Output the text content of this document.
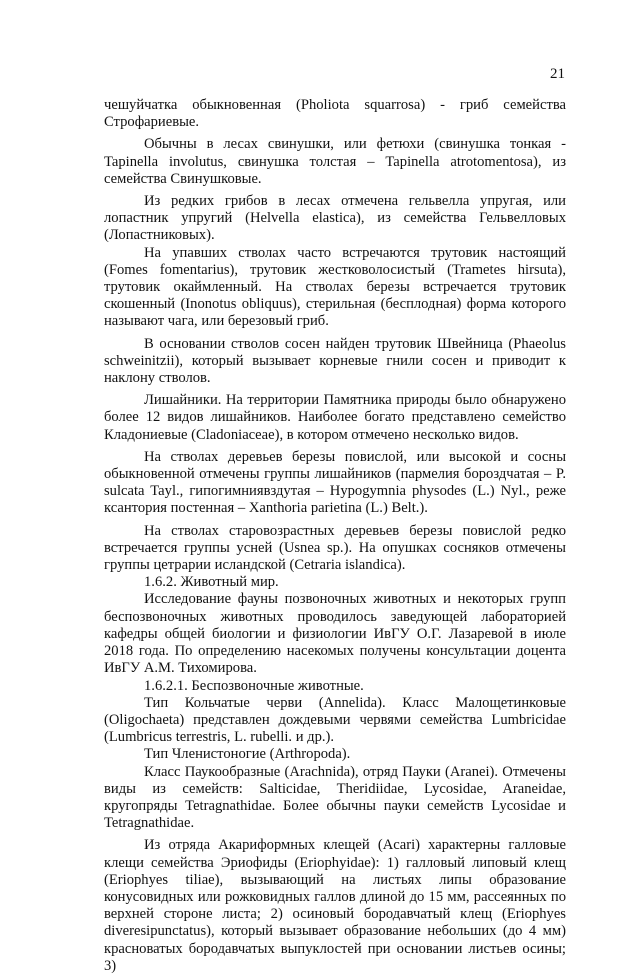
21

чешуйчатка обыкновенная (Pholiota squarrosa) - гриб семейства Строфариевые.

Обычны в лесах свинушки, или фетюхи (свинушка тонкая - Tapinella involutus, свинушка толстая – Tapinella atrotomentosa), из семейства Свинушковые.

Из редких грибов в лесах отмечена гельвелла упругая, или лопастник упругий (Helvella elastica), из семейства Гельвелловых (Лопастниковых).

На упавших стволах часто встречаются трутовик настоящий (Fomes fomentarius), трутовик жестковолосистый (Trametes hirsuta), трутовик окаймленный. На стволах березы встречается трутовик скошенный (Inonotus obliquus), стерильная (бесплодная) форма которого называют чага, или березовый гриб.

В основании стволов сосен найден трутовик Швейница (Phaeolus schweinitzii), который вызывает корневые гнили сосен и приводит к наклону стволов.

Лишайники. На территории Памятника природы было обнаружено более 12 видов лишайников. Наиболее богато представлено семейство Кладониевые (Cladoniaceae), в котором отмечено несколько видов.

На стволах деревьев березы повислой, или высокой и сосны обыкновенной отмечены группы лишайников (пармелия бороздчатая – P. sulcata Tayl., гипогимниявздутая – Hypogymnia physodes (L.) Nyl., реже ксантория постенная – Xanthoria parietina (L.) Belt.).

На стволах старовозрастных деревьев березы повислой редко встречается группы усней (Usnea sp.). На опушках сосняков отмечены группы цетрарии исландской (Cetraria islandica).

1.6.2. Животный мир.

Исследование фауны позвоночных животных и некоторых групп беспозвоночных животных проводилось заведующей лабораторией кафедры общей биологии и физиологии ИвГУ О.Г. Лазаревой в июле 2018 года. По определению насекомых получены консультации доцента ИвГУ А.М. Тихомирова.

1.6.2.1. Беспозвоночные животные.

Тип Кольчатые черви (Annelida). Класс Малощетинковые (Oligochaeta) представлен дождевыми червями семейства Lumbricidae (Lumbricus terrestris, L. rubelli. и др.).

Тип Членистоногие (Arthropoda).

Класс Паукообразные (Arachnida), отряд Пауки (Aranei). Отмечены виды из семейств: Salticidae, Theridiidae, Lycosidae, Araneidae, кругопряды Tetragnathidae. Более обычны пауки семейств Lycosidae и Tetragnathidae.

Из отряда Акариформных клещей (Acari) характерны галловые клещи семейства Эриофиды (Eriophyidae): 1) галловый липовый клещ (Eriophyes tiliae), вызывающий на листьях липы образование конусовидных или рожковидных галлов длиной до 15 мм, рассеянных по верхней стороне листа; 2) осиновый бородавчатый клещ (Eriophyes diveresipunctatus), который вызывает образование небольших (до 4 мм) красноватых бородавчатых выпуклостей при основании листьев осины; 3)
